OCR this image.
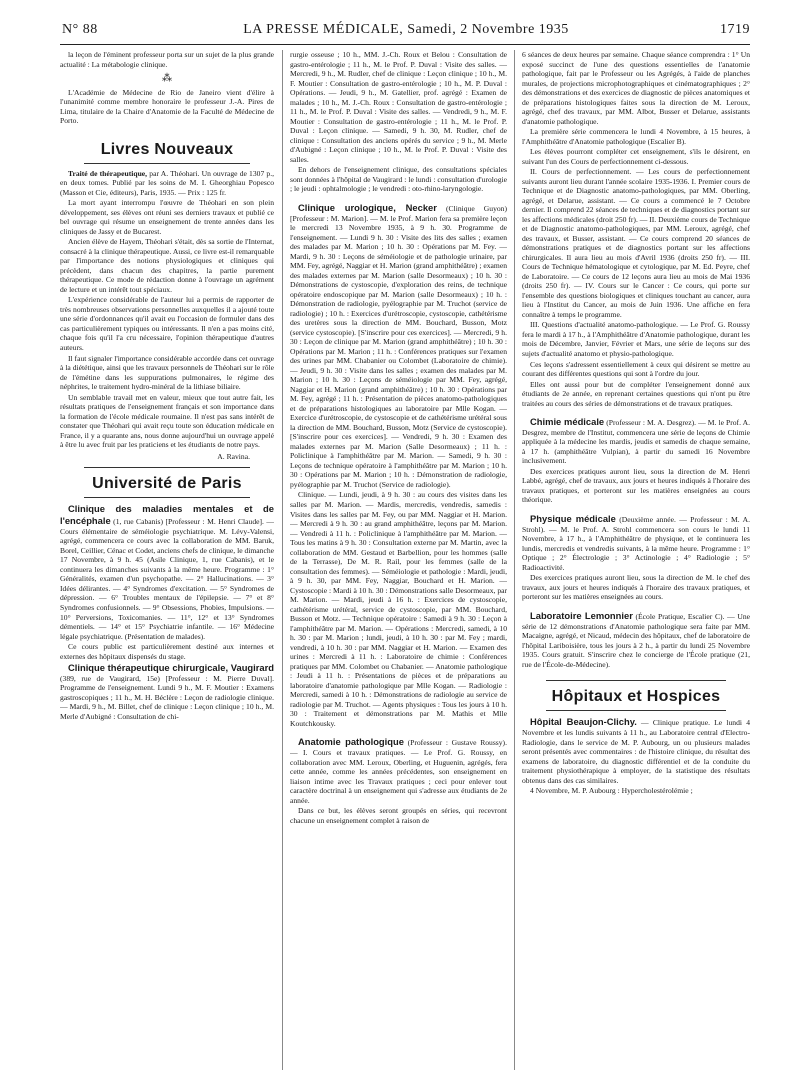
N° 88	LA PRESSE MÉDICALE, Samedi, 2 Novembre 1935	1719

la leçon de l'éminent professeur porta sur un sujet de la plus grande actualité : La métabologie clinique.

⁂

L'Académie de Médecine de Rio de Janeiro vient d'élire à l'unanimité comme membre honoraire le professeur J.-A. Pires de Lima, titulaire de la Chaire d'Anatomie de la Faculté de Médecine de Porto.

Livres Nouveaux

Traité de thérapeutique, par A. Théohari. Un ouvrage de 1307 p., en deux tomes. Publié par les soins de M. I. Gheorghiau Popesco (Masson et Cie, éditeurs), Paris, 1935. — Prix : 125 fr.

La mort ayant interrompu l'œuvre de Théohari en son plein développement, ses élèves ont réuni ses derniers travaux et publié ce bel ouvrage qui résume un enseignement de trente années dans les cliniques de Jassy et de Bucarest.

Ancien élève de Hayem, Théohari s'était, dès sa sortie de l'Internat, consacré à la clinique thérapeutique. Aussi, ce livre est-il remarquable par l'importance des notions physiologiques et cliniques qui précèdent, dans chacun des chapitres, la partie purement thérapeutique. Ce mode de rédaction donne à l'ouvrage un agrément de lecture et un intérêt tout spéciaux.

L'expérience considérable de l'auteur lui a permis de rapporter de très nombreuses observations personnelles auxquelles il a ajouté toute une série d'ordonnances qu'il avait eu l'occasion de formuler dans des cas particulièrement typiques ou intéressants. Il n'en a pas moins cité, chaque fois qu'il l'a cru nécessaire, l'opinion thérapeutique d'autres auteurs.

Il faut signaler l'importance considérable accordée dans cet ouvrage à la diététique, ainsi que les travaux personnels de Théohari sur le rôle de l'émétine dans les suppurations pulmonaires, le régime des néphrites, le traitement hydro-minéral de la lithiase biliaire.

Un semblable travail met en valeur, mieux que tout autre fait, les résultats pratiques de l'enseignement français et son importance dans la formation de l'école médicale roumaine. Il n'est pas sans intérêt de constater que Théohari qui avait reçu toute son éducation médicale en France, il y a quarante ans, nous donne aujourd'hui un ouvrage appelé à être lu avec fruit par les praticiens et les étudiants de notre pays.

A. Ravina.
Université de Paris

Clinique des maladies mentales et de l'encéphale (1, rue Cabanis) [Professeur : M. Henri Claude]. — Cours élémentaire de séméiologie psychiatrique. M. Lévy-Valensi, agrégé, commencera ce cours avec la collaboration de MM. Baruk, Borel, Ceillier, Cénac et Codet, anciens chefs de clinique, le dimanche 17 Novembre, à 9 h. 45 (Asile Clinique, 1, rue Cabanis), et le continuera les dimanches suivants à la même heure. Programme : 1° Généralités, examen d'un psychopathe. — 2° Hallucinations. — 3° Idées délirantes. — 4° Syndromes d'excitation. — 5° Syndromes de dépression. — 6° Troubles mentaux de l'épilepsie. — 7° et 8° Syndromes confusionnels. — 9° Obsessions, Phobies, Impulsions. — 10° Perversions, Toxicomanies. — 11°, 12° et 13° Syndromes démentiels. — 14° et 15° Psychiatrie infantile. — 16° Médecine légale psychiatrique. (Présentation de malades).

Ce cours public est particulièrement destiné aux internes et externes des hôpitaux dispensés du stage.

Clinique thérapeutique chirurgicale, Vaugirard (389, rue de Vaugirard, 15e) [Professeur : M. Pierre Duval]. Programme de l'enseignement. Lundi 9 h., M. F. Moutier : Examens gastroscopiques ; 11 h., M. H. Béclère : Leçon de radiologie clinique. — Mardi, 9 h., M. Billet, chef de clinique : Leçon clinique ; 10 h., M. Merle d'Aubigné : Consultation de chi-

rurgie osseuse ; 10 h., MM. J.-Ch. Roux et Belou : Consultation de gastro-entérologie ; 11 h., M. le Prof. P. Duval : Visite des salles. — Mercredi, 9 h., M. Rudler, chef de clinique : Leçon clinique ; 10 h., M. F. Moutier : Consultation de gastro-entérologie ; 10 h., M. P. Duval : Opérations. — Jeudi, 9 h., M. Gatellier, prof. agrégé : Examen de malades ; 10 h., M. J.-Ch. Roux : Consultation de gastro-entérologie ; 11 h., M. le Prof. P. Duval : Visite des salles. — Vendredi, 9 h., M. F. Moutier : Consultation de gastro-entérologie ; 11 h., M. le Prof. P. Duval : Leçon clinique. — Samedi, 9 h. 30, M. Rudler, chef de clinique : Consultation des anciens opérés du service ; 9 h., M. Merle d'Aubigné : Leçon clinique ; 10 h., M. le Prof. P. Duval : Visite des salles.

En dehors de l'enseignement clinique, des consultations spéciales sont données à l'hôpital de Vaugirard : le lundi : consultation d'urologie ; le jeudi : ophtalmologie ; le vendredi : oto-rhino-laryngologie.

Clinique urologique, Necker (Clinique Guyon) [Professeur : M. Marion]. — M. le Prof. Marion fera sa première leçon le mercredi 13 Novembre 1935, à 9 h. 30. Programme de l'enseignement. — Lundi 9 h. 30 : Visite des lits des salles ; examen des malades par M. Marion ; 10 h. 30 : Opérations par M. Fey. — Mardi, 9 h. 30 : Leçons de séméiologie et de pathologie urinaire, par MM. Fey, agrégé, Naggiar et H. Marion (grand amphithéâtre) ; examen des malades externes par M. Marion (salle Desormeaux) ; 10 h. 30 : Démonstrations de cystoscopie, d'exploration des reins, de technique opératoire endoscopique par M. Marion (salle Desormeaux) ; 10 h. : Démonstration de radiologie, pyélographie par M. Truchot (service de radiologie) ; 10 h. : Exercices d'urétroscopie, cystoscopie, cathétérisme des uretères sous la direction de MM. Bouchard, Busson, Motz (service cystoscopie). [S'inscrire pour ces exercices]. — Mercredi, 9 h. 30 : Leçon de clinique par M. Marion (grand amphithéâtre) ; 10 h. 30 : Opérations par M. Marion ; 11 h. : Conférences pratiques sur l'examen des urines par MM. Chabanier ou Colombet (Laboratoire de chimie). — Jeudi, 9 h. 30 : Visite dans les salles ; examen des malades par M. Marion ; 10 h. 30 : Leçons de séméiologie par MM. Fey, agrégé, Naggiar et H. Marion (grand amphithéâtre) ; 10 h. 30 : Opérations par M. Fey, agrégé ; 11 h. : Présentation de pièces anatomo-pathologiques et de préparations histologiques au laboratoire par Mlle Kogan. — Exercice d'urétroscopie, de cystoscopie et de cathétérisme urétéral sous la direction de MM. Bouchard, Busson, Motz (Service de cystoscopie). [S'inscrire pour ces exercices]. — Vendredi, 9 h. 30 : Examen des malades externes par M. Marion (Salle Desormeaux) ; 11 h. : Policlinique à l'amphithéâtre par M. Marion. — Samedi, 9 h. 30 : Leçons de technique opératoire à l'amphithéâtre par M. Marion ; 10 h. 30 : Opérations par M. Marion ; 10 h. : Démonstration de radiologie, pyélographie par M. Truchot (Service de radiologie).

Clinique. — Lundi, jeudi, à 9 h. 30 : au cours des visites dans les salles par M. Marion. — Mardis, mercredis, vendredis, samedis : Visites dans les salles par M. Fey, ou par MM. Naggiar et H. Marion. — Mercredi à 9 h. 30 : au grand amphithéâtre, leçons par M. Marion. — Vendredi à 11 h. : Policlinique à l'amphithéâtre par M. Marion. — Tous les matins à 9 h. 30 : Consultation externe par M. Martin, avec la collaboration de MM. Gestaud et Barbellion, pour les hommes (salle de la Terrasse), De M. R. Rail, pour les femmes (salle de la consultation des femmes). — Séméiologie et pathologie : Mardi, jeudi, à 9 h. 30, par MM. Fey, Naggiar, Bouchard et H. Marion. — Cystoscopie : Mardi à 10 h. 30 : Démonstrations salle Desormeaux, par M. Marion. — Mardi, jeudi à 16 h. : Exercices de cystoscopie, cathétérisme urétéral, service de cystoscopie, par MM. Bouchard, Busson et Motz. — Technique opératoire : Samedi à 9 h. 30 : Leçon à l'amphithéâtre par M. Marion. — Opérations : Mercredi, samedi, à 10 h. 30 : par M. Marion ; lundi, jeudi, à 10 h. 30 : par M. Fey ; mardi, vendredi, à 10 h. 30 : par MM. Naggiar et H. Marion. — Examen des urines : Mercredi à 11 h. : Laboratoire de chimie : Conférences pratiques par MM. Colombet ou Chabanier. — Anatomie pathologique : Jeudi à 11 h. : Présentations de pièces et de préparations au laboratoire d'anatomie pathologique par Mlle Kogan. — Radiologie : Mercredi, samedi à 10 h. : Démonstrations de radiologie au service de radiologie par M. Truchot. — Agents physiques : Tous les jours à 10 h. 30 : Traitement et démonstrations par M. Mathis et Mlle Koutchkousky.

Anatomie pathologique (Professeur : Gustave Roussy). — I. Cours et travaux pratiques. — Le Prof. G. Roussy, en collaboration avec MM. Leroux, Oberling, et Huguenin, agrégés, fera cette année, comme les années précédentes, son enseignement en liaison intime avec les Travaux pratiques ; ceci pour enlever tout caractère doctrinal à un enseignement qui s'adresse aux étudiants de 2e année.

Dans ce but, les élèves seront groupés en séries, qui recevront chacune un enseignement complet à raison de

6 séances de deux heures par semaine. Chaque séance comprendra : 1° Un exposé succinct de l'une des questions essentielles de l'anatomie pathologique, fait par le Professeur ou les Agrégés, à l'aide de planches murales, de projections microphotographiques et cinématographiques ; 2° des démonstrations et des exercices de diagnostic de pièces anatomiques et de préparations histologiques faites sous la direction de M. Leroux, agrégé, chef des travaux, par MM. Albot, Busser et Delarue, assistants d'anatomie pathologique.

La première série commencera le lundi 4 Novembre, à 15 heures, à l'Amphithéâtre d'Anatomie pathologique (Escalier B).

Les élèves pourront compléter cet enseignement, s'ils le désirent, en suivant l'un des Cours de perfectionnement ci-dessous.

II. Cours de perfectionnement. — Les cours de perfectionnement suivants auront lieu durant l'année scolaire 1935-1936. I. Premier cours de Technique et de Diagnostic anatomo-pathologiques, par MM. Oberling, agrégé, et Delarue, assistant. — Ce cours a commencé le 7 Octobre dernier. Il comprend 22 séances de techniques et de diagnostics portant sur les affections médicales (droit 250 fr). — II. Deuxième cours de Technique et de Diagnostic anatomo-pathologiques, par MM. Leroux, agrégé, chef des travaux, et Busser, assistant. — Ce cours comprend 20 séances de démonstrations pratiques et de diagnostics portant sur les affections chirurgicales. Il aura lieu au mois d'Avril 1936 (droits 250 fr). — III. Cours de Technique hématologique et cytologique, par M. Ed. Peyre, chef de Laboratoire. — Ce cours de 12 leçons aura lieu au mois de Mai 1936 (droits 250 fr). — IV. Cours sur le Cancer : Ce cours, qui porte sur l'ensemble des questions biologiques et cliniques touchant au cancer, aura lieu à l'Institut du Cancer, au mois de Juin 1936. Une affiche en fera connaître à temps le programme.

III. Questions d'actualité anatomo-pathologique. — Le Prof. G. Roussy fera le mardi à 17 h., à l'Amphithéâtre d'Anatomie pathologique, durant les mois de Décembre, Janvier, Février et Mars, une série de leçons sur des sujets d'actualité anatomo et physio-pathologique.

Ces leçons s'adressent essentiellement à ceux qui désirent se mettre au courant des différentes questions qui sont à l'ordre du jour.

Elles ont aussi pour but de compléter l'enseignement donné aux étudiants de 2e année, en reprenant certaines questions qui n'ont pu être traitées au cours des séries de démonstrations et de travaux pratiques.

Chimie médicale (Professeur : M. A. Desgrez). — M. le Prof. A. Desgrez, membre de l'Institut, commencera une série de leçons de Chimie appliquée à la médecine les mardis, jeudis et samedis de chaque semaine, à 17 h. (amphithéâtre Vulpian), à partir du samedi 16 Novembre inclusivement.

Des exercices pratiques auront lieu, sous la direction de M. Henri Labbé, agrégé, chef de travaux, aux jours et heures indiqués à l'horaire des travaux pratiques, et porteront sur les matières enseignées au cours théorique.

Physique médicale (Deuxième année. — Professeur : M. A. Strohl). — M. le Prof. A. Strohl commencera son cours le lundi 11 Novembre, à 17 h., à l'Amphithéâtre de physique, et le continuera les lundis, mercredis et vendredis suivants, à la même heure. Programme : 1° Optique ; 2° Électrologie ; 3° Actinologie ; 4° Radiologie ; 5° Radioactivité.

Des exercices pratiques auront lieu, sous la direction de M. le chef des travaux, aux jours et heures indiqués à l'horaire des travaux pratiques, et porteront sur les matières enseignées au cours.

Laboratoire Lemonnier (École Pratique, Escalier C). — Une série de 12 démonstrations d'Anatomie pathologique sera faite par MM. Macaigne, agrégé, et Nicaud, médecin des hôpitaux, chef de laboratoire de l'hôpital Lariboisière, tous les jours à 2 h., à partir du lundi 25 Novembre 1935. Cours gratuit. S'inscrire chez le concierge de l'École pratique (21, rue de l'École-de-Médecine).

Hôpitaux et Hospices

Hôpital Beaujon-Clichy. — Clinique pratique. Le lundi 4 Novembre et les lundis suivants à 11 h., au Laboratoire central d'Electro-Radiologie, dans le service de M. P. Aubourg, un ou plusieurs malades seront présentés avec commentaires : de l'histoire clinique, du résultat des examens de laboratoire, du diagnostic différentiel et de la conduite du traitement physiothérapique à employer, de la statistique des résultats obtenus dans des cas similaires.

4 Novembre, M. P. Aubourg : Hypercholestérolémie ;
